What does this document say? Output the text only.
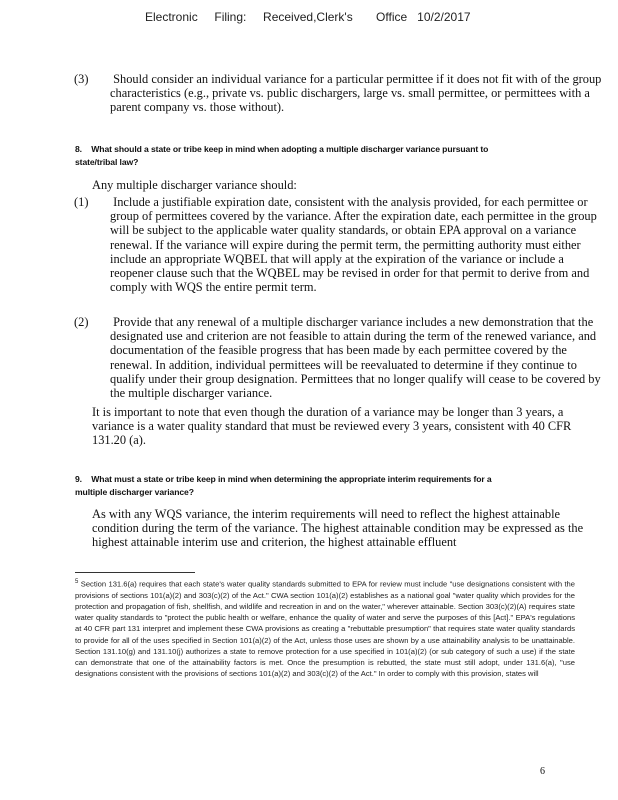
Electronic     Filing:     Received,Clerk's       Office   10/2/2017
(3) Should consider an individual variance for a particular permittee if it does not fit with of the group characteristics (e.g., private vs. public dischargers, large vs. small permittee, or permittees with a parent company vs. those without).
8. What should a state or tribe keep in mind when adopting a multiple discharger variance pursuant to state/tribal law?
Any multiple discharger variance should:
(1) Include a justifiable expiration date, consistent with the analysis provided, for each permittee or group of permittees covered by the variance. After the expiration date, each permittee in the group will be subject to the applicable water quality standards, or obtain EPA approval on a variance renewal. If the variance will expire during the permit term, the permitting authority must either include an appropriate WQBEL that will apply at the expiration of the variance or include a reopener clause such that the WQBEL may be revised in order for that permit to derive from and comply with WQS the entire permit term.
(2) Provide that any renewal of a multiple discharger variance includes a new demonstration that the designated use and criterion are not feasible to attain during the term of the renewed variance, and documentation of the feasible progress that has been made by each permittee covered by the renewal. In addition, individual permittees will be reevaluated to determine if they continue to qualify under their group designation. Permittees that no longer qualify will cease to be covered by the multiple discharger variance.
It is important to note that even though the duration of a variance may be longer than 3 years, a variance is a water quality standard that must be reviewed every 3 years, consistent with 40 CFR 131.20 (a).
9. What must a state or tribe keep in mind when determining the appropriate interim requirements for a multiple discharger variance?
As with any WQS variance, the interim requirements will need to reflect the highest attainable condition during the term of the variance. The highest attainable condition may be expressed as the highest attainable interim use and criterion, the highest attainable effluent
$^5$ Section 131.6(a) requires that each state's water quality standards submitted to EPA for review must include "use designations consistent with the provisions of sections 101(a)(2) and 303(c)(2) of the Act." CWA section 101(a)(2) establishes as a national goal "water quality which provides for the protection and propagation of fish, shellfish, and wildlife and recreation in and on the water," wherever attainable. Section 303(c)(2)(A) requires state water quality standards to "protect the public health or welfare, enhance the quality of water and serve the purposes of this [Act]." EPA's regulations at 40 CFR part 131 interpret and implement these CWA provisions as creating a "rebuttable presumption" that requires state water quality standards to provide for all of the uses specified in Section 101(a)(2) of the Act, unless those uses are shown by a use attainability analysis to be unattainable. Section 131.10(g) and 131.10(j) authorizes a state to remove protection for a use specified in 101(a)(2) (or sub category of such a use) if the state can demonstrate that one of the attainability factors is met. Once the presumption is rebutted, the state must still adopt, under 131.6(a), "use designations consistent with the provisions of sections 101(a)(2) and 303(c)(2) of the Act." In order to comply with this provision, states will
6
